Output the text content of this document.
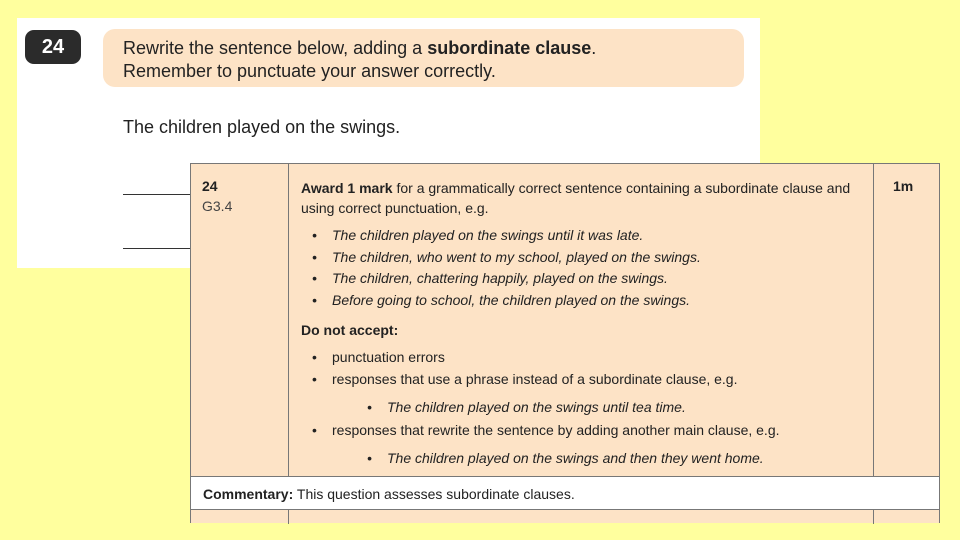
24	Rewrite the sentence below, adding a subordinate clause.
Remember to punctuate your answer correctly.
The children played on the swings.
24
G3.4
1m
Award 1 mark for a grammatically correct sentence containing a subordinate clause and using correct punctuation, e.g.
• The children played on the swings until it was late.
• The children, who went to my school, played on the swings.
• The children, chattering happily, played on the swings.
• Before going to school, the children played on the swings.
Do not accept:
• punctuation errors
• responses that use a phrase instead of a subordinate clause, e.g.
• The children played on the swings until tea time.
• responses that rewrite the sentence by adding another main clause, e.g.
• The children played on the swings and then they went home.
Commentary: This question assesses subordinate clauses.
